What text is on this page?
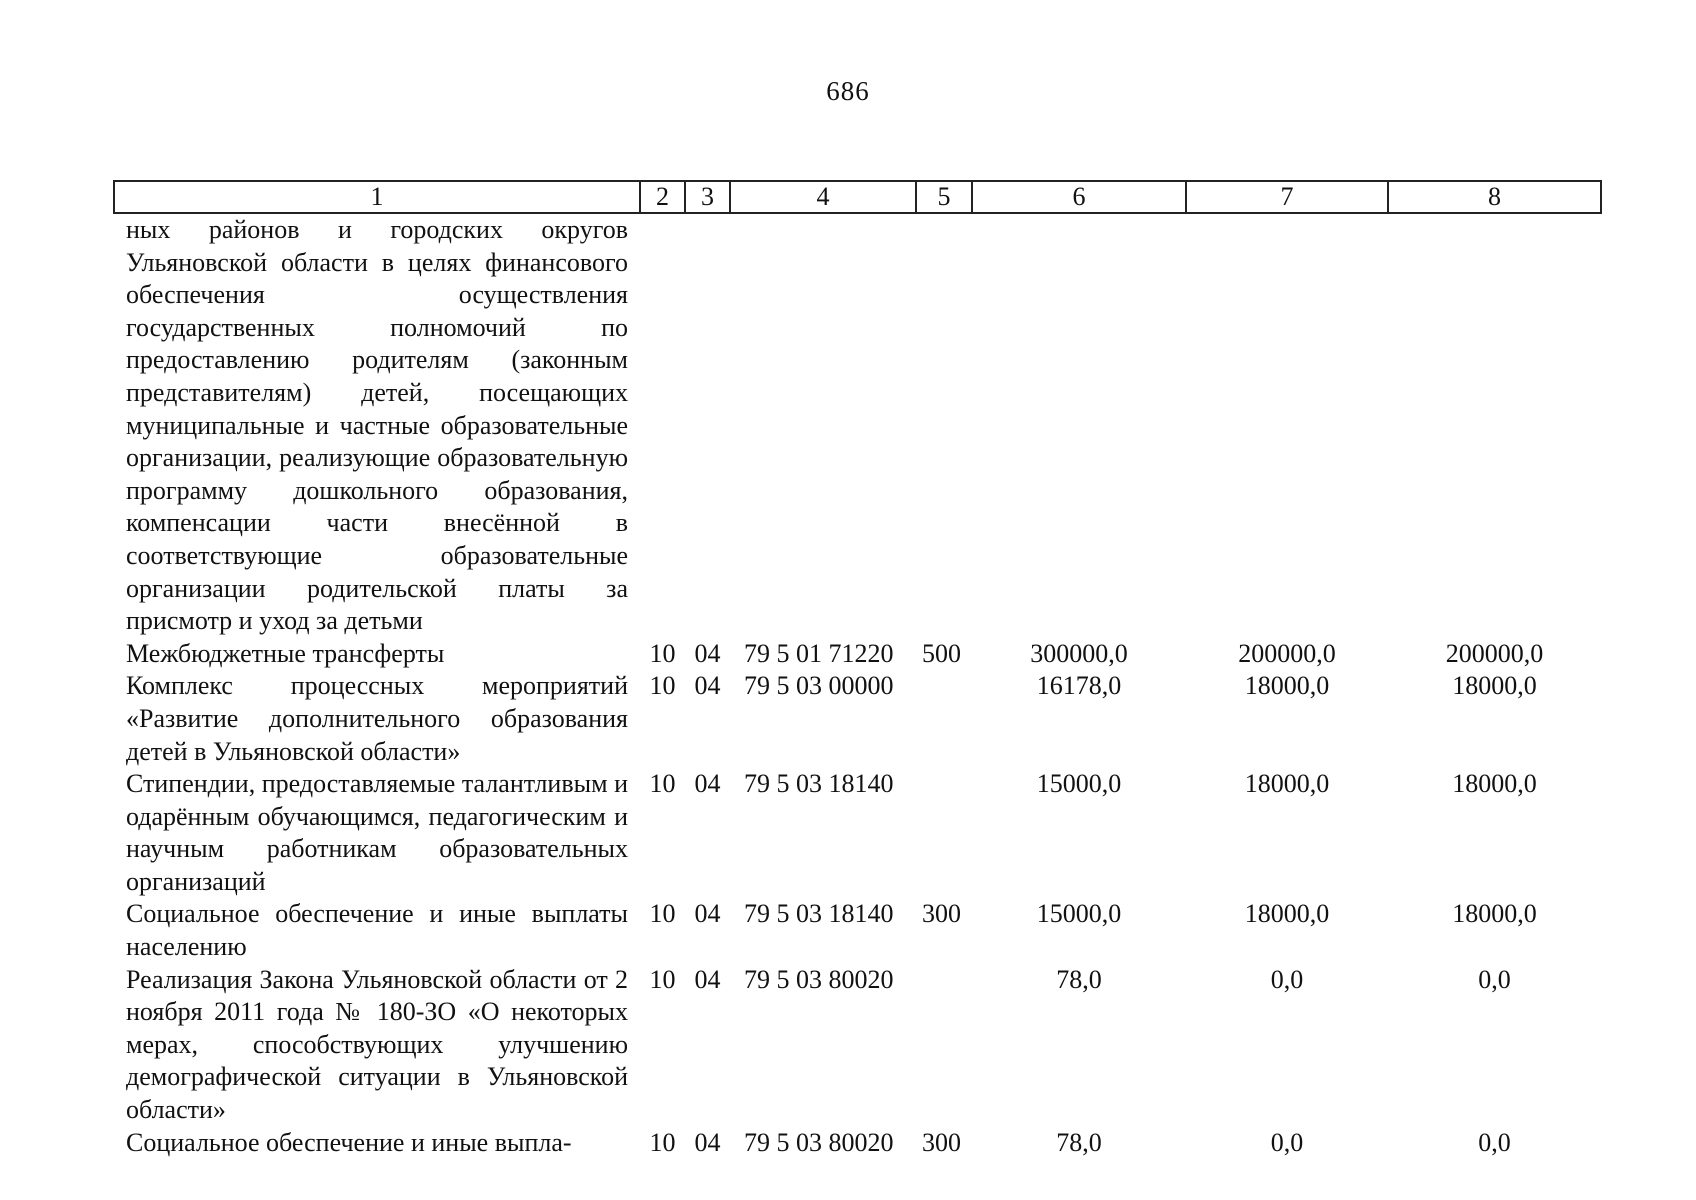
686
1	2	3	4	5	6	7	8
ных районов и городских округов Ульяновской области в целях финансового обеспечения осуществления государственных полномочий по предоставлению родителям (законным представителям) детей, посещающих муниципальные и частные образовательные организации, реализующие образовательную программу дошкольного образования, компенсации части внесённой в соответствующие образовательные организации родительской платы за присмотр и уход за детьми							
Межбюджетные трансферты	10	04	79 5 01 71220	500	300000,0	200000,0	200000,0
Комплекс процессных мероприятий «Развитие дополнительного образования детей в Ульяновской области»	10	04	79 5 03 00000		16178,0	18000,0	18000,0
Стипендии, предоставляемые талантливым и одарённым обучающимся, педагогическим и научным работникам образовательных организаций	10	04	79 5 03 18140		15000,0	18000,0	18000,0
Социальное обеспечение и иные выплаты населению	10	04	79 5 03 18140	300	15000,0	18000,0	18000,0
Реализация Закона Ульяновской области от 2 ноября 2011 года № 180-ЗО «О некоторых мерах, способствующих улучшению демографической ситуации в Ульяновской области»	10	04	79 5 03 80020		78,0	0,0	0,0
Социальное обеспечение и иные выпла-	10	04	79 5 03 80020	300	78,0	0,0	0,0
